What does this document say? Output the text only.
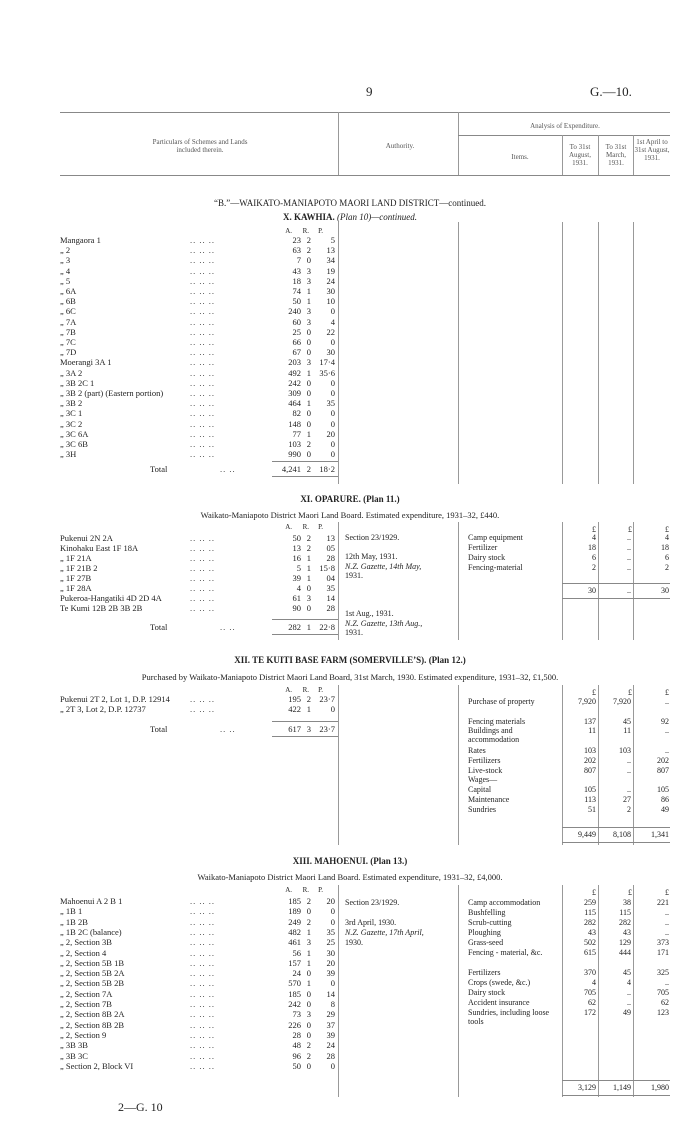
9	G.—10.
Particulars of Schemes and Lands included therein.	Authority.
Analysis of Expenditure.
Items.
To 31st August, 1931.
To 31st March, 1931.
1st April to 31st August, 1931.
“B.”—WAIKATO-MANIAPOTO MAORI LAND DISTRICT—continued.
X. KAWHIA. (Plan 10)—continued.
A.	R.	P.
Mangaora 1	.. .. ..	23 2	5
„ 2	.. .. ..	63 2	13
„ 3	.. .. ..	7 0	34
„ 4	.. .. ..	43 3	19
„ 5	.. .. ..	18 3	24
„ 6A	.. .. ..	74 1	30
„ 6B	.. .. ..	50 1	10
„ 6C	.. .. ..	240 3	0
„ 7A	.. .. ..	60 3	4
„ 7B	.. .. ..	25 0	22
„ 7C	.. .. ..	66 0	0
„ 7D	.. .. ..	67 0	30
Moerangi 3A 1	.. .. ..	203 3 17·4
„ 3A 2	.. .. ..	492 1 35·6
„ 3B 2C 1	.. .. ..	242 0	0
„ 3B 2 (part) (Eastern portion)	.. .. ..	309 0	0
„ 3B 2	.. .. ..	464 1	35
„ 3C 1	.. .. ..	82 0	0
„ 3C 2	.. .. ..	148 0	0
„ 3C 6A	.. .. ..	77 1	20
„ 3C 6B	.. .. ..	103 2	0
„ 3H	.. .. ..	990 0	0
Total	.. ..	4,241 2 18·2
XI. OPARURE. (Plan 11.)
Waikato-Maniapoto District Maori Land Board. Estimated expenditure, 1931–32, £440.
A.	R.	P.
Pukenui 2N 2A	.. .. ..	50 2	13
Kinohaku East 1F 18A	.. .. ..	13 2	05
„ 1F 21A	.. .. ..	16 1	28
„ 1F 21B 2	.. .. ..	5 1 15·8
„ 1F 27B	.. .. ..	39 1	04
„ 1F 28A	.. .. ..	4 0	35
Pukeroa-Hangatiki 4D 2D 4A	.. .. ..	61 3	14
Te Kumi 12B 2B 3B 2B	.. .. ..	90 0	28
Total	.. ..	282 1 22·8
Section 23/1929.
12th May, 1931.
N.Z. Gazette, 14th May,
1931.
1st Aug., 1931.
N.Z. Gazette, 13th Aug.,
1931.
£	£	£
Camp equipment	4	..	4
Fertilizer	18	..	18
Dairy stock	6	..	6
Fencing-material	2	..	2
30	..	30
XII. TE KUITI BASE FARM (SOMERVILLE’S). (Plan 12.)
Purchased by Waikato-Maniapoto District Maori Land Board, 31st March, 1930. Estimated expenditure, 1931–32, £1,500.
A.	R.	P.
Pukenui 2T 2, Lot 1, D.P. 12914 .. .. ..	195 2 23·7
„ 2T 3, Lot 2, D.P. 12737	.. .. ..	422 1	0
Total	.. ..	617 3 23·7
£	£	£
Purchase of property	7,920	7,920	..
Fencing materials	137	45	92
Buildings and accommodation
11	11	..
Rates	103	103	..
Fertilizers	202	..	202
Live-stock	807	..	807
Wages—
Capital	105	..	105
Maintenance	113	27	86
Sundries	51	2	49
9,449	8,108	1,341
XIII. MAHOENUI. (Plan 13.)
Waikato-Maniapoto District Maori Land Board. Estimated expenditure, 1931–32, £4,000.
A.	R.	P.
Mahoenui A 2 B 1	.. .. ..	185 2	20
„ 1B 1	.. .. ..	189 0	0
„ 1B 2B	.. .. ..	249 2	0
„ 1B 2C (balance)	.. .. ..	482 1	35
„ 2, Section 3B	.. .. ..	461 3	25
„ 2, Section 4	.. .. ..	56 1	30
„ 2, Section 5B 1B	.. .. ..	157 1	20
„ 2, Section 5B 2A	.. .. ..	24 0	39
„ 2, Section 5B 2B	.. .. ..	570 1	0
„ 2, Section 7A	.. .. ..	185 0	14
„ 2, Section 7B	.. .. ..	242 0	8
„ 2, Section 8B 2A	.. .. ..	73 3	29
„ 2, Section 8B 2B	.. .. ..	226 0	37
„ 2, Section 9	.. .. ..	28 0	39
„ 3B 3B	.. .. ..	48 2	24
„ 3B 3C	.. .. ..	96 2	28
„ Section 2, Block VI	.. .. ..	50 0	0
Section 23/1929.
3rd April, 1930.
N.Z. Gazette, 17th April,
1930.
£	£	£
Camp accommodation	259	38	221
Bushfelling	115	115	..
Scrub-cutting	282	282	..
Ploughing	43	43	..
Grass-seed	502	129	373
Fencing - material, &c.	615	444	171
Fertilizers	370	45	325
Crops (swede, &c.)	4	4	..
Dairy stock	705	..	705
Accident insurance	62	..	62
Sundries, including loose tools
172	49	123
3,129	1,149	1,980
2—G. 10
